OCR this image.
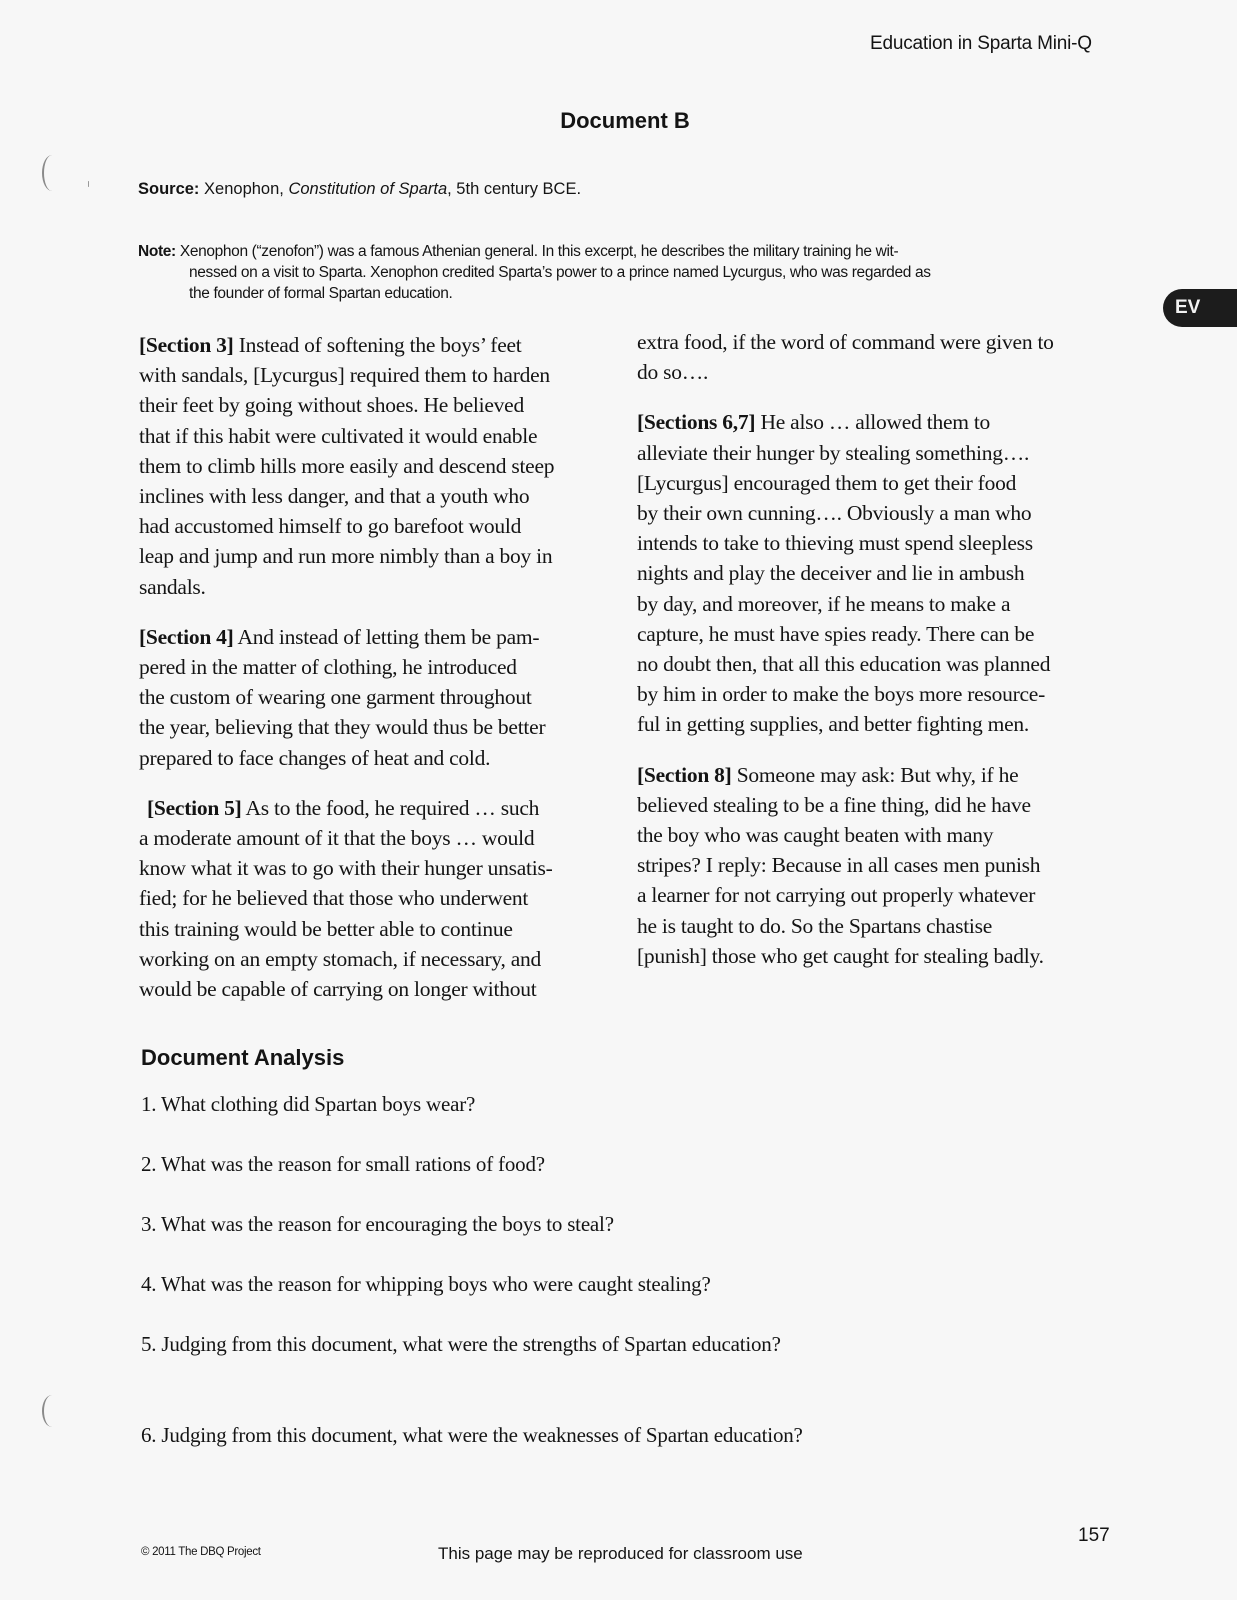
Education in Sparta Mini-Q
Document B
Source: Xenophon, Constitution of Sparta, 5th century BCE.
Note: Xenophon (“zenofon”) was a famous Athenian general. In this excerpt, he describes the military training he wit-
nessed on a visit to Sparta. Xenophon credited Sparta’s power to a prince named Lycurgus, who was regarded as
the founder of formal Spartan education.
EV
[Section 3] Instead of softening the boys’ feet
with sandals, [Lycurgus] required them to harden
their feet by going without shoes. He believed
that if this habit were cultivated it would enable
them to climb hills more easily and descend steep
inclines with less danger, and that a youth who
had accustomed himself to go barefoot would
leap and jump and run more nimbly than a boy in
sandals.
[Section 4] And instead of letting them be pam-
pered in the matter of clothing, he introduced
the custom of wearing one garment throughout
the year, believing that they would thus be better
prepared to face changes of heat and cold.
[Section 5] As to the food, he required … such
a moderate amount of it that the boys … would
know what it was to go with their hunger unsatis-
fied; for he believed that those who underwent
this training would be better able to continue
working on an empty stomach, if necessary, and
would be capable of carrying on longer without
extra food, if the word of command were given to
do so….
[Sections 6,7] He also … allowed them to
alleviate their hunger by stealing something….
[Lycurgus] encouraged them to get their food
by their own cunning…. Obviously a man who
intends to take to thieving must spend sleepless
nights and play the deceiver and lie in ambush
by day, and moreover, if he means to make a
capture, he must have spies ready. There can be
no doubt then, that all this education was planned
by him in order to make the boys more resource-
ful in getting supplies, and better fighting men.
[Section 8] Someone may ask: But why, if he
believed stealing to be a fine thing, did he have
the boy who was caught beaten with many
stripes? I reply: Because in all cases men punish
a learner for not carrying out properly whatever
he is taught to do. So the Spartans chastise
[punish] those who get caught for stealing badly.
Document Analysis
1. What clothing did Spartan boys wear?
2. What was the reason for small rations of food?
3. What was the reason for encouraging the boys to steal?
4. What was the reason for whipping boys who were caught stealing?
5. Judging from this document, what were the strengths of Spartan education?
6. Judging from this document, what were the weaknesses of Spartan education?
© 2011 The DBQ Project	This page may be reproduced for classroom use
157
